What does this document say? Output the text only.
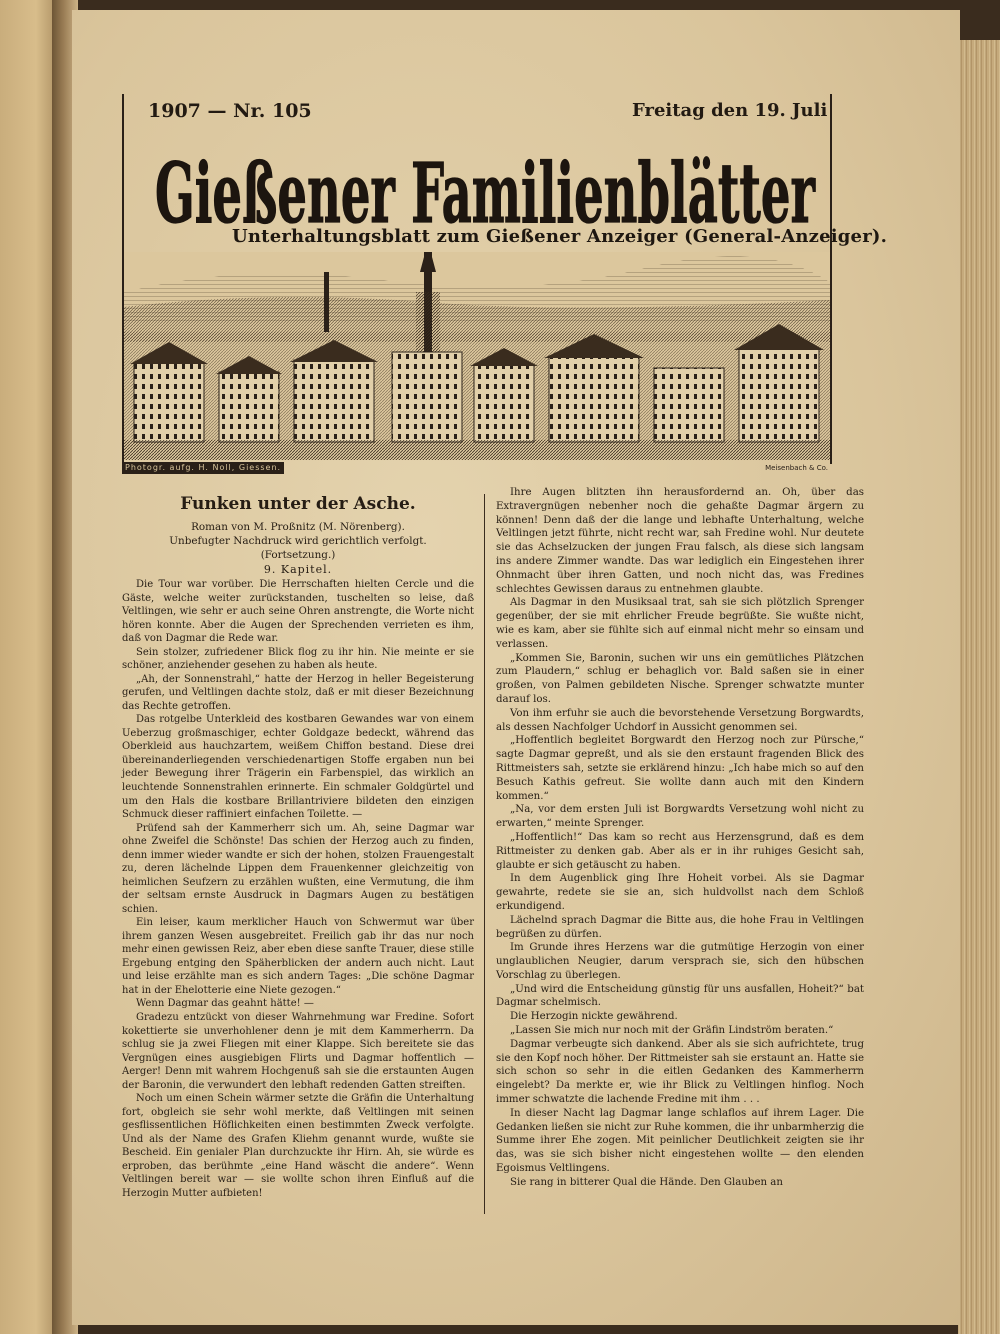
1907 — Nr. 105	Freitag den 19. Juli
Gießener Familienblätter
Unterhaltungsblatt zum Gießener Anzeiger (General-Anzeiger).
Photogr. aufg. H. Noll, Giessen.	Meisenbach & Co.
Funken unter der Asche.
Roman von M. Proßnitz (M. Nörenberg).
Unbefugter Nachdruck wird gerichtlich verfolgt.
(Fortsetzung.)
9. Kapitel.

Die Tour war vorüber. Die Herrschaften hielten Cercle und die Gäste, welche weiter zurückstanden, tuschelten so leise, daß Veltlingen, wie sehr er auch seine Ohren anstrengte, die Worte nicht hören konnte. Aber die Augen der Sprechenden verrieten es ihm, daß von Dagmar die Rede war.

Sein stolzer, zufriedener Blick flog zu ihr hin. Nie meinte er sie schöner, anziehender gesehen zu haben als heute.

„Ah, der Sonnenstrahl,“ hatte der Herzog in heller Begeisterung gerufen, und Veltlingen dachte stolz, daß er mit dieser Bezeichnung das Rechte getroffen.

Das rotgelbe Unterkleid des kostbaren Gewandes war von einem Ueberzug großmaschiger, echter Goldgaze bedeckt, während das Oberkleid aus hauchzartem, weißem Chiffon bestand. Diese drei übereinanderliegenden verschiedenartigen Stoffe ergaben nun bei jeder Bewegung ihrer Trägerin ein Farbenspiel, das wirklich an leuchtende Sonnenstrahlen erinnerte. Ein schmaler Goldgürtel und um den Hals die kostbare Brillantriviere bildeten den einzigen Schmuck dieser raffiniert einfachen Toilette. —

Prüfend sah der Kammerherr sich um. Ah, seine Dagmar war ohne Zweifel die Schönste! Das schien der Herzog auch zu finden, denn immer wieder wandte er sich der hohen, stolzen Frauengestalt zu, deren lächelnde Lippen dem Frauenkenner gleichzeitig von heimlichen Seufzern zu erzählen wußten, eine Vermutung, die ihm der seltsam ernste Ausdruck in Dagmars Augen zu bestätigen schien.

Ein leiser, kaum merklicher Hauch von Schwermut war über ihrem ganzen Wesen ausgebreitet. Freilich gab ihr das nur noch mehr einen gewissen Reiz, aber eben diese sanfte Trauer, diese stille Ergebung entging den Späherblicken der andern auch nicht. Laut und leise erzählte man es sich andern Tages: „Die schöne Dagmar hat in der Ehelotterie eine Niete gezogen.“

Wenn Dagmar das geahnt hätte! —

Gradezu entzückt von dieser Wahrnehmung war Fredine. Sofort kokettierte sie unverhohlener denn je mit dem Kammerherrn. Da schlug sie ja zwei Fliegen mit einer Klappe. Sich bereitete sie das Vergnügen eines ausgiebigen Flirts und Dagmar hoffentlich — Aerger! Denn mit wahrem Hochgenuß sah sie die erstaunten Augen der Baronin, die verwundert den lebhaft redenden Gatten streiften.

Noch um einen Schein wärmer setzte die Gräfin die Unterhaltung fort, obgleich sie sehr wohl merkte, daß Veltlingen mit seinen gesflissentlichen Höflichkeiten einen bestimmten Zweck verfolgte. Und als der Name des Grafen Kliehm genannt wurde, wußte sie Bescheid. Ein genialer Plan durchzuckte ihr Hirn. Ah, sie würde es erproben, das berühmte „eine Hand wäscht die andere“. Wenn Veltlingen bereit war — sie wollte schon ihren Einfluß auf die Herzogin Mutter aufbieten!

Ihre Augen blitzten ihn herausfordernd an. Oh, über das Extravergnügen nebenher noch die gehaßte Dagmar ärgern zu können! Denn daß der die lange und lebhafte Unterhaltung, welche Veltlingen jetzt führte, nicht recht war, sah Fredine wohl. Nur deutete sie das Achselzucken der jungen Frau falsch, als diese sich langsam ins andere Zimmer wandte. Das war lediglich ein Eingestehen ihrer Ohnmacht über ihren Gatten, und noch nicht das, was Fredines schlechtes Gewissen daraus zu entnehmen glaubte.

Als Dagmar in den Musiksaal trat, sah sie sich plötzlich Sprenger gegenüber, der sie mit ehrlicher Freude begrüßte. Sie wußte nicht, wie es kam, aber sie fühlte sich auf einmal nicht mehr so einsam und verlassen.

„Kommen Sie, Baronin, suchen wir uns ein gemütliches Plätzchen zum Plaudern,“ schlug er behaglich vor. Bald saßen sie in einer großen, von Palmen gebildeten Nische. Sprenger schwatzte munter darauf los.

Von ihm erfuhr sie auch die bevorstehende Versetzung Borgwardts, als dessen Nachfolger Uchdorf in Aussicht genommen sei.

„Hoffentlich begleitet Borgwardt den Herzog noch zur Pürsche,“ sagte Dagmar gepreßt, und als sie den erstaunt fragenden Blick des Rittmeisters sah, setzte sie erklärend hinzu: „Ich habe mich so auf den Besuch Kathis gefreut. Sie wollte dann auch mit den Kindern kommen.“

„Na, vor dem ersten Juli ist Borgwardts Versetzung wohl nicht zu erwarten,“ meinte Sprenger.

„Hoffentlich!“ Das kam so recht aus Herzensgrund, daß es dem Rittmeister zu denken gab. Aber als er in ihr ruhiges Gesicht sah, glaubte er sich getäuscht zu haben.

In dem Augenblick ging Ihre Hoheit vorbei. Als sie Dagmar gewahrte, redete sie sie an, sich huldvollst nach dem Schloß erkundigend.

Lächelnd sprach Dagmar die Bitte aus, die hohe Frau in Veltlingen begrüßen zu dürfen.

Im Grunde ihres Herzens war die gutmütige Herzogin von einer unglaublichen Neugier, darum versprach sie, sich den hübschen Vorschlag zu überlegen.

„Und wird die Entscheidung günstig für uns ausfallen, Hoheit?“ bat Dagmar schelmisch.

Die Herzogin nickte gewährend.

„Lassen Sie mich nur noch mit der Gräfin Lindström beraten.“

Dagmar verbeugte sich dankend. Aber als sie sich aufrichtete, trug sie den Kopf noch höher. Der Rittmeister sah sie erstaunt an. Hatte sie sich schon so sehr in die eitlen Gedanken des Kammerherrn eingelebt? Da merkte er, wie ihr Blick zu Veltlingen hinflog. Noch immer schwatzte die lachende Fredine mit ihm . . .

In dieser Nacht lag Dagmar lange schlaflos auf ihrem Lager. Die Gedanken ließen sie nicht zur Ruhe kommen, die ihr unbarmherzig die Summe ihrer Ehe zogen. Mit peinlicher Deutlichkeit zeigten sie ihr das, was sie sich bisher nicht eingestehen wollte — den elenden Egoismus Veltlingens.

Sie rang in bitterer Qual die Hände. Den Glauben an
